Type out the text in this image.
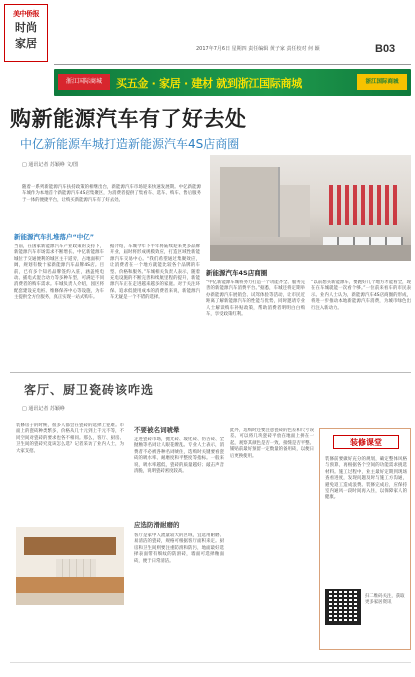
美中侨报
时尚
家居	2017年7月6日 星期四 责任编辑 黄子家 责任校对 何 颖	B03
浙江国际商城	买五金 · 家居 · 建材 就到浙江国际商城	浙江国际商城
购新能源汽车有了好去处
中亿新能源车城打造新能源汽车4S店商圈
□ 通讯记者 苏颖峥 文/图
随着一系列新能源汽车扶持政策的相继出台，新能源汽车市场迎来快速发展期。中亿新能源车城作为本地首个新能源汽车4S店集聚区，为消费者提供了集看车、选车、购车、售后服务于一体的便捷平台，让购买新能源汽车有了好去处。
新能源汽车4S店商圈
新能源汽车扎堆落户“中亿”
当前，在国家新能源汽车产业政策的支持下，新能源汽车市场需求不断增长。中亿新能源车城位于交通便利的城区主干道旁，占地面积广阔，规划有数十家新能源汽车品牌4S店。目前，已有多个知名品牌签约入驻，涵盖纯电动、插电式混合动力等多种车型，可满足不同消费者的购车需求。车城负责人介绍，园区将配套建设充电桩、维修保养中心等设施，为车主提供全方位服务，真正实现一站式购车。
据介绍，车城今年下半年将陆续迎来更多品牌开业，届时将形成规模效应，打造区域性新能源汽车交易中心。“我们希望通过集聚效应，让消费者在一个地方就能比较各个品牌的车型、价格和服务。”车城相关负责人表示，随着充电设施的不断完善和续航里程的提升，新能源汽车正在走进越来越多的家庭。对于关注环保、追求低使用成本的消费者来说，新能源汽车无疑是一个不错的选择。
“中亿新能源车城将努力打造一个功能齐全、服务完善的新能源汽车消费平台。”据悉，车城还将定期举办新能源汽车展销会、试驾体验等活动，让市民近距离了解新能源汽车的性能与优势，同时邀请专业人士解读购车补贴政策，帮助消费者明明白白购车，享受政策红利。
“以前想买新能源车，要跑好几个地方才能看全，现在在车城就能一次看个够。”一位前来看车的市民表示。业内人士认为，新能源汽车4S店商圈的形成，将进一步推动本地新能源汽车消费，为城市绿色出行注入新动力。
客厅、厨卫瓷砖该咋选
□ 通讯记者 苏颖峥
装修房子的时候，很多人都会在瓷砖的选择上犯难。市面上的瓷砖种类繁多，价格从几十元到上千元不等，不同空间对瓷砖的要求也各不相同。那么，客厅、厨房、卫生间的瓷砖究竟该怎么选？记者采访了业内人士，为大家支招。
不要被名词唬晕
走进瓷砖市场，抛光砖、玻化砖、仿古砖、全抛釉等名词让人眼花缭乱。专业人士表示，消费者不必被各种名词唬住，选购时关键要看瓷砖的吸水率、耐磨度和平整度等指标。一般来说，吸水率越低，瓷砖的质量越好；敲击声音清脆，说明瓷砖密度较高。
应选防滑耐磨的
客厅是家中人流量较大的区域，宜选用耐磨、易清洁的瓷砖，规格可根据客厅面积来定。厨房和卫生间则要注重防滑和防污，地面最好选择表面带有细纹的防滑砖，墙面可选择釉面砖，便于日常清洁。
此外，选购时还要注意瓷砖的色差和尺寸误差。可以将几块瓷砖平放在地面上拼在一起，观察其颜色是否一致、接缝是否平整。铺贴前最好预留一定数量的备用砖，以便日后更换使用。
装修课堂
装修前要做好充分的规划，确定整体风格与预算，再根据各个空间的功能需求挑选材料。施工过程中，业主最好定期到现场查看进度，发现问题及时与施工方沟通，避免返工造成浪费。装修完成后，应保持室内通风一段时间再入住，以保障家人的健康。
扫二维码关注，获取更多家居资讯
